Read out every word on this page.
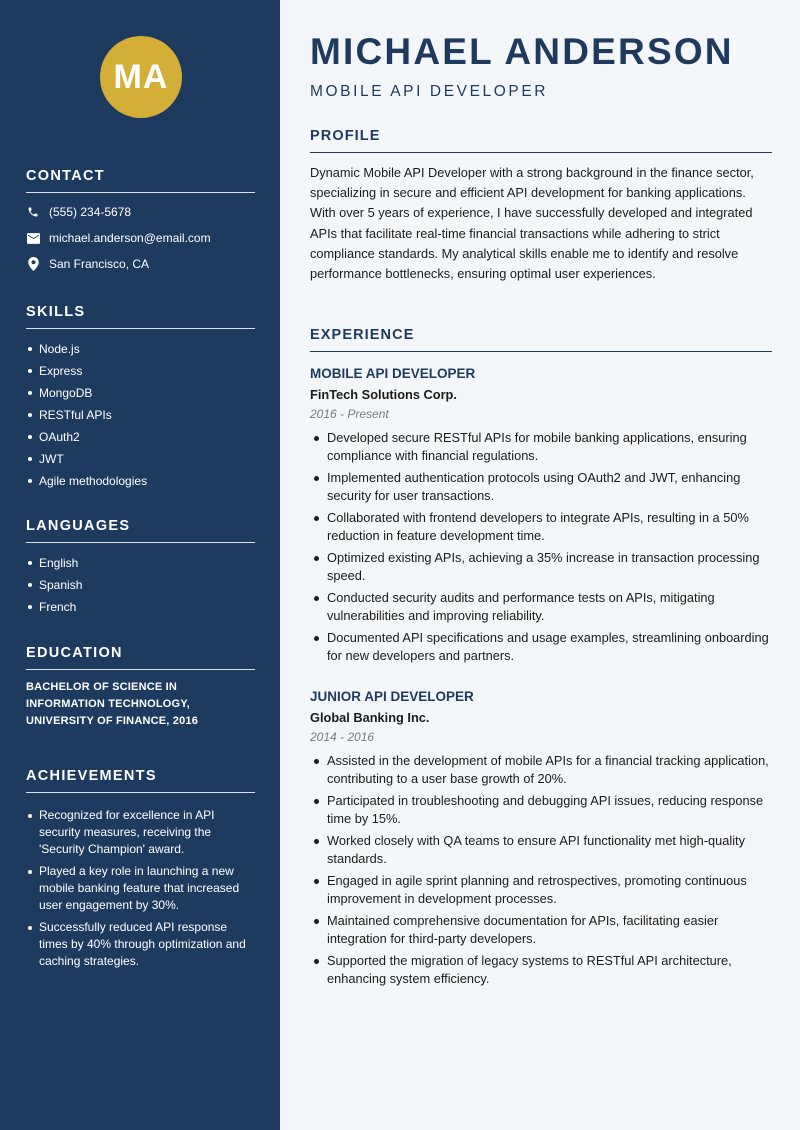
MA
CONTACT
(555) 234-5678
michael.anderson@email.com
San Francisco, CA
SKILLS
Node.js
Express
MongoDB
RESTful APIs
OAuth2
JWT
Agile methodologies
LANGUAGES
English
Spanish
French
EDUCATION
BACHELOR OF SCIENCE IN INFORMATION TECHNOLOGY, UNIVERSITY OF FINANCE, 2016
ACHIEVEMENTS
Recognized for excellence in API security measures, receiving the 'Security Champion' award.
Played a key role in launching a new mobile banking feature that increased user engagement by 30%.
Successfully reduced API response times by 40% through optimization and caching strategies.
MICHAEL ANDERSON
MOBILE API DEVELOPER
PROFILE
Dynamic Mobile API Developer with a strong background in the finance sector, specializing in secure and efficient API development for banking applications. With over 5 years of experience, I have successfully developed and integrated APIs that facilitate real-time financial transactions while adhering to strict compliance standards. My analytical skills enable me to identify and resolve performance bottlenecks, ensuring optimal user experiences.
EXPERIENCE
MOBILE API DEVELOPER
FinTech Solutions Corp.
2016 - Present
Developed secure RESTful APIs for mobile banking applications, ensuring compliance with financial regulations.
Implemented authentication protocols using OAuth2 and JWT, enhancing security for user transactions.
Collaborated with frontend developers to integrate APIs, resulting in a 50% reduction in feature development time.
Optimized existing APIs, achieving a 35% increase in transaction processing speed.
Conducted security audits and performance tests on APIs, mitigating vulnerabilities and improving reliability.
Documented API specifications and usage examples, streamlining onboarding for new developers and partners.
JUNIOR API DEVELOPER
Global Banking Inc.
2014 - 2016
Assisted in the development of mobile APIs for a financial tracking application, contributing to a user base growth of 20%.
Participated in troubleshooting and debugging API issues, reducing response time by 15%.
Worked closely with QA teams to ensure API functionality met high-quality standards.
Engaged in agile sprint planning and retrospectives, promoting continuous improvement in development processes.
Maintained comprehensive documentation for APIs, facilitating easier integration for third-party developers.
Supported the migration of legacy systems to RESTful API architecture, enhancing system efficiency.
